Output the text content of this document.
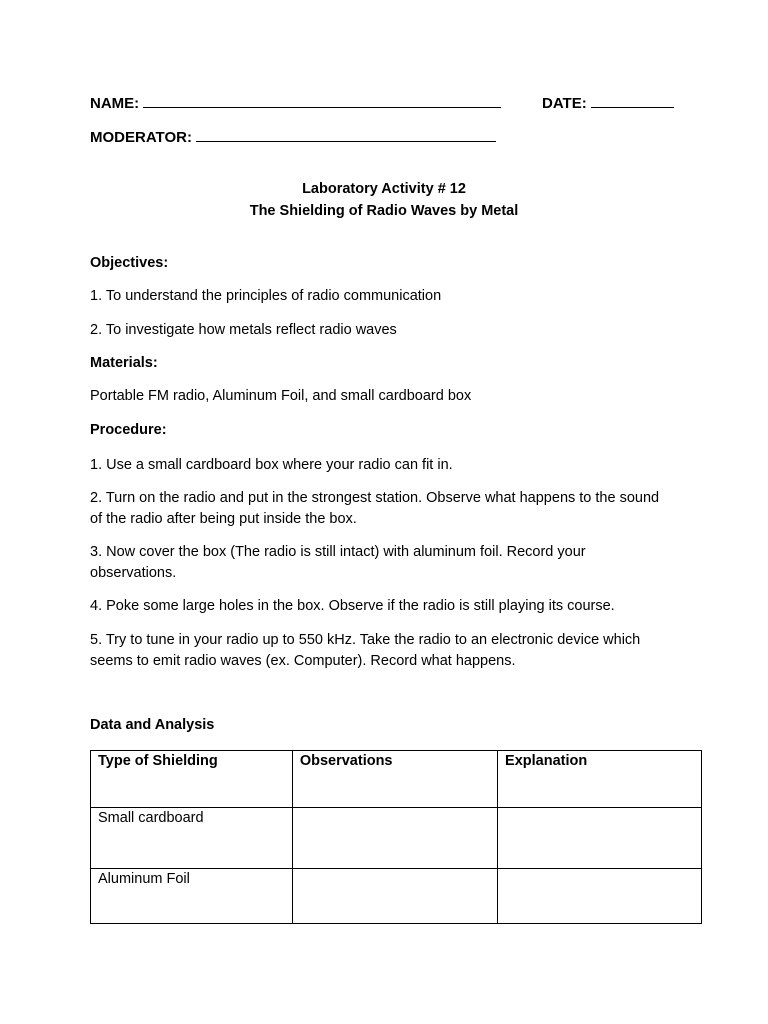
NAME:	DATE:
MODERATOR:
Laboratory Activity # 12
The Shielding of Radio Waves by Metal
Objectives:
1. To understand the principles of radio communication
2. To investigate how metals reflect radio waves
Materials:
Portable FM radio, Aluminum Foil, and small cardboard box
Procedure:
1. Use a small cardboard box where your radio can fit in.
2. Turn on the radio and put in the strongest station. Observe what happens to the sound of the radio after being put inside the box.
3. Now cover the box (The radio is still intact) with aluminum foil. Record your observations.
4. Poke some large holes in the box. Observe if the radio is still playing its course.
5. Try to tune in your radio up to 550 kHz. Take the radio to an electronic device which seems to emit radio waves (ex. Computer). Record what happens.
Data and Analysis
Type of Shielding	Observations	Explanation
Small cardboard		
Aluminum Foil		
